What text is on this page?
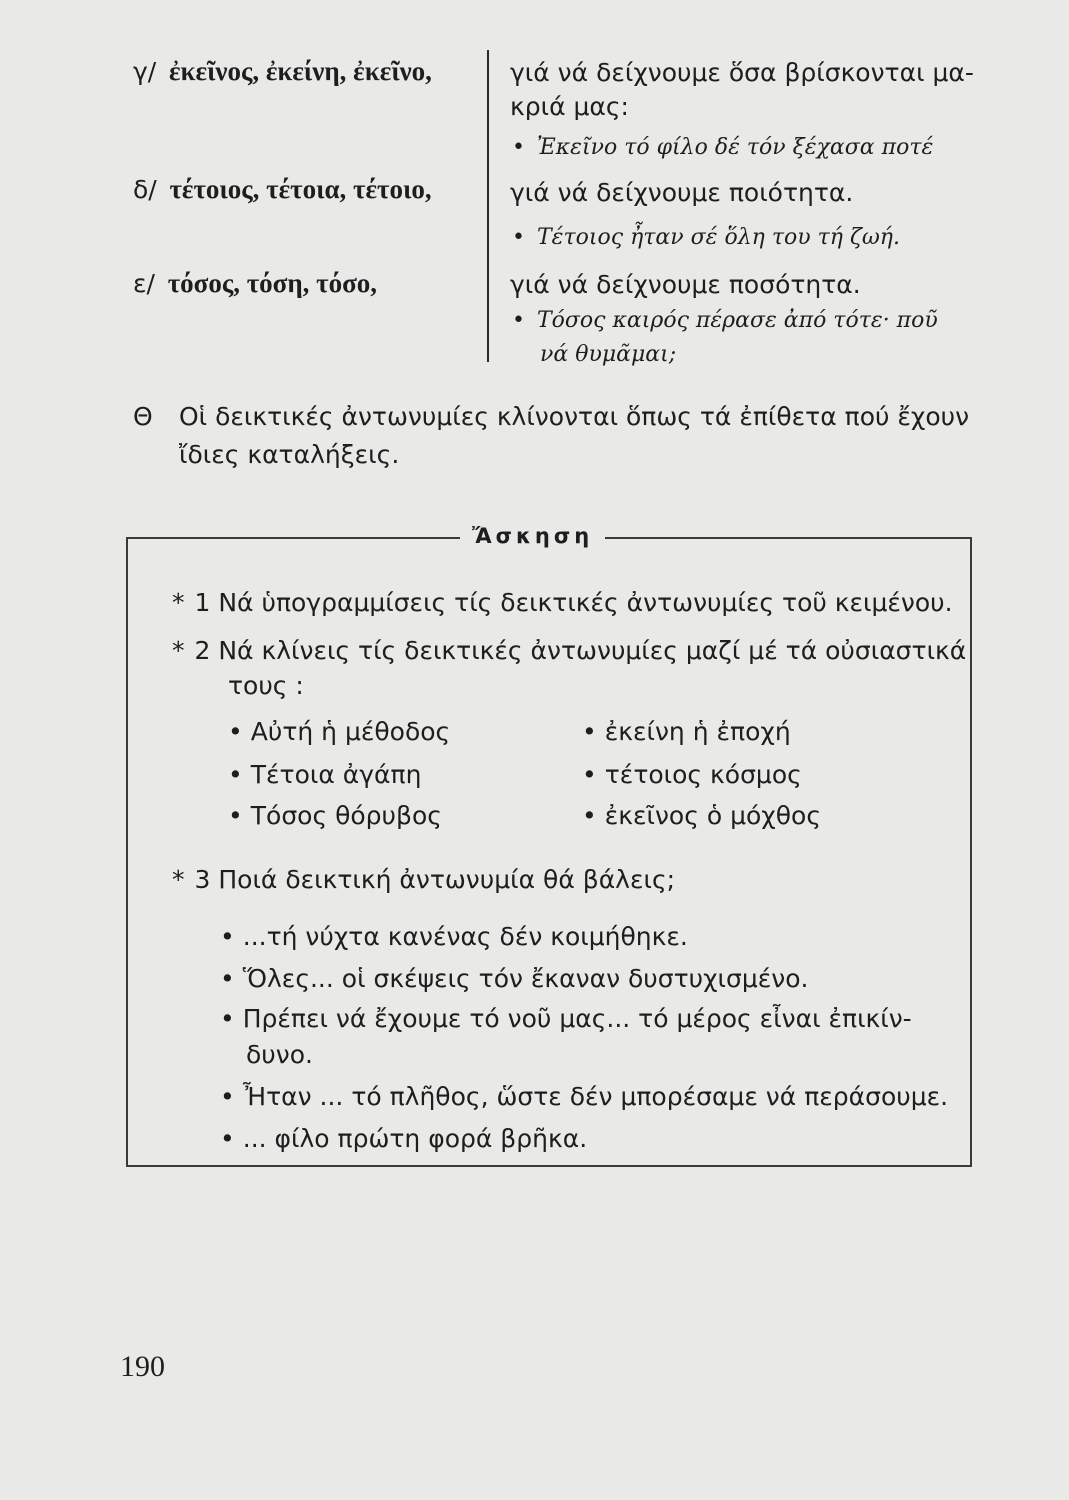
γ/ ἐκεῖνος, ἐκείνη, ἐκεῖνο,	γιά νά δείχνουμε ὅσα βρίσκονται μα-
κριά μας:
• Ἐκεῖνο τό φίλο δέ τόν ξέχασα ποτέ
δ/ τέτοιος, τέτοια, τέτοιο,	γιά νά δείχνουμε ποιότητα.
• Τέτοιος ἦταν σέ ὅλη του τή ζωή.
ε/ τόσος, τόση, τόσο,	γιά νά δείχνουμε ποσότητα.
• Τόσος καιρός πέρασε ἀπό τότε· ποῦ
νά θυμᾶμαι;
Θ Οἱ δεικτικές ἀντωνυμίες κλίνονται ὅπως τά ἐπίθετα πού ἔχουν
ἴδιες καταλήξεις.
Ἄσκηση
* 1 Νά ὑπογραμμίσεις τίς δεικτικές ἀντωνυμίες τοῦ κειμένου.
* 2 Νά κλίνεις τίς δεικτικές ἀντωνυμίες μαζί μέ τά οὐσιαστικά
τους :
• Αὐτή ἡ μέθοδος
• Τέτοια ἀγάπη
• Τόσος θόρυβος
• ἐκείνη ἡ ἐποχή
• τέτοιος κόσμος
• ἐκεῖνος ὁ μόχθος
* 3 Ποιά δεικτική ἀντωνυμία θά βάλεις;
• ...τή νύχτα κανένας δέν κοιμήθηκε.
• Ὅλες... οἱ σκέψεις τόν ἔκαναν δυστυχισμένο.
• Πρέπει νά ἔχουμε τό νοῦ μας... τό μέρος εἶναι ἐπικίν-
δυνο.
• Ἦταν ... τό πλῆθος, ὥστε δέν μπορέσαμε νά περάσουμε.
• ... φίλο πρώτη φορά βρῆκα.
190
